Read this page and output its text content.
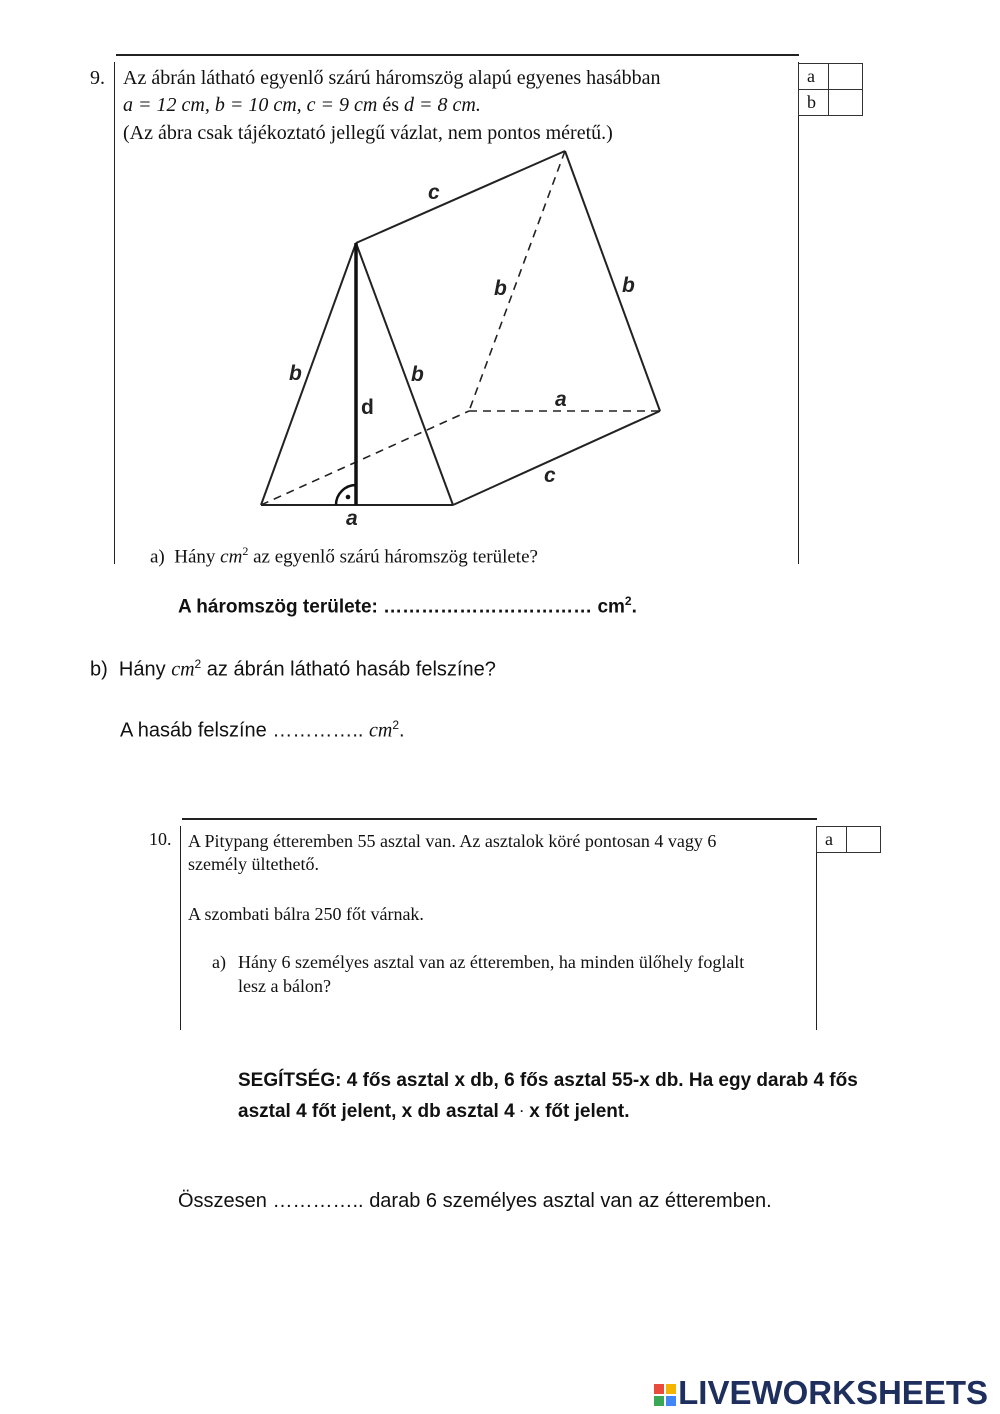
9. Az ábrán látható egyenlő szárú háromszög alapú egyenes hasábban
a = 12 cm, b = 10 cm, c = 9 cm és d = 8 cm.
(Az ábra csak tájékoztató jellegű vázlat, nem pontos méretű.)
a	
b	
c
b	b
b	b
d	a
c
a
a) Hány $cm^2$ az egyenlő szárú háromszög területe?
A háromszög területe: …………………………… $cm^2$.
b) Hány $cm^2$ az ábrán látható hasáb felszíne?
A hasáb felszíne ………….. $cm^2$.
10. A Pitypang étteremben 55 asztal van. Az asztalok köré pontosan 4 vagy 6
személy ültethető.
A szombati bálra 250 főt várnak.
a) Hány 6 személyes asztal van az étteremben, ha minden ülőhely foglalt
lesz a bálon?
a	
SEGÍTSÉG: 4 fős asztal x db, 6 fős asztal 55-x db. Ha egy darab 4 fős
asztal 4 főt jelent, x db asztal 4 · x főt jelent.
Összesen ………….. darab 6 személyes asztal van az étteremben.
LIVEWORKSHEETS
